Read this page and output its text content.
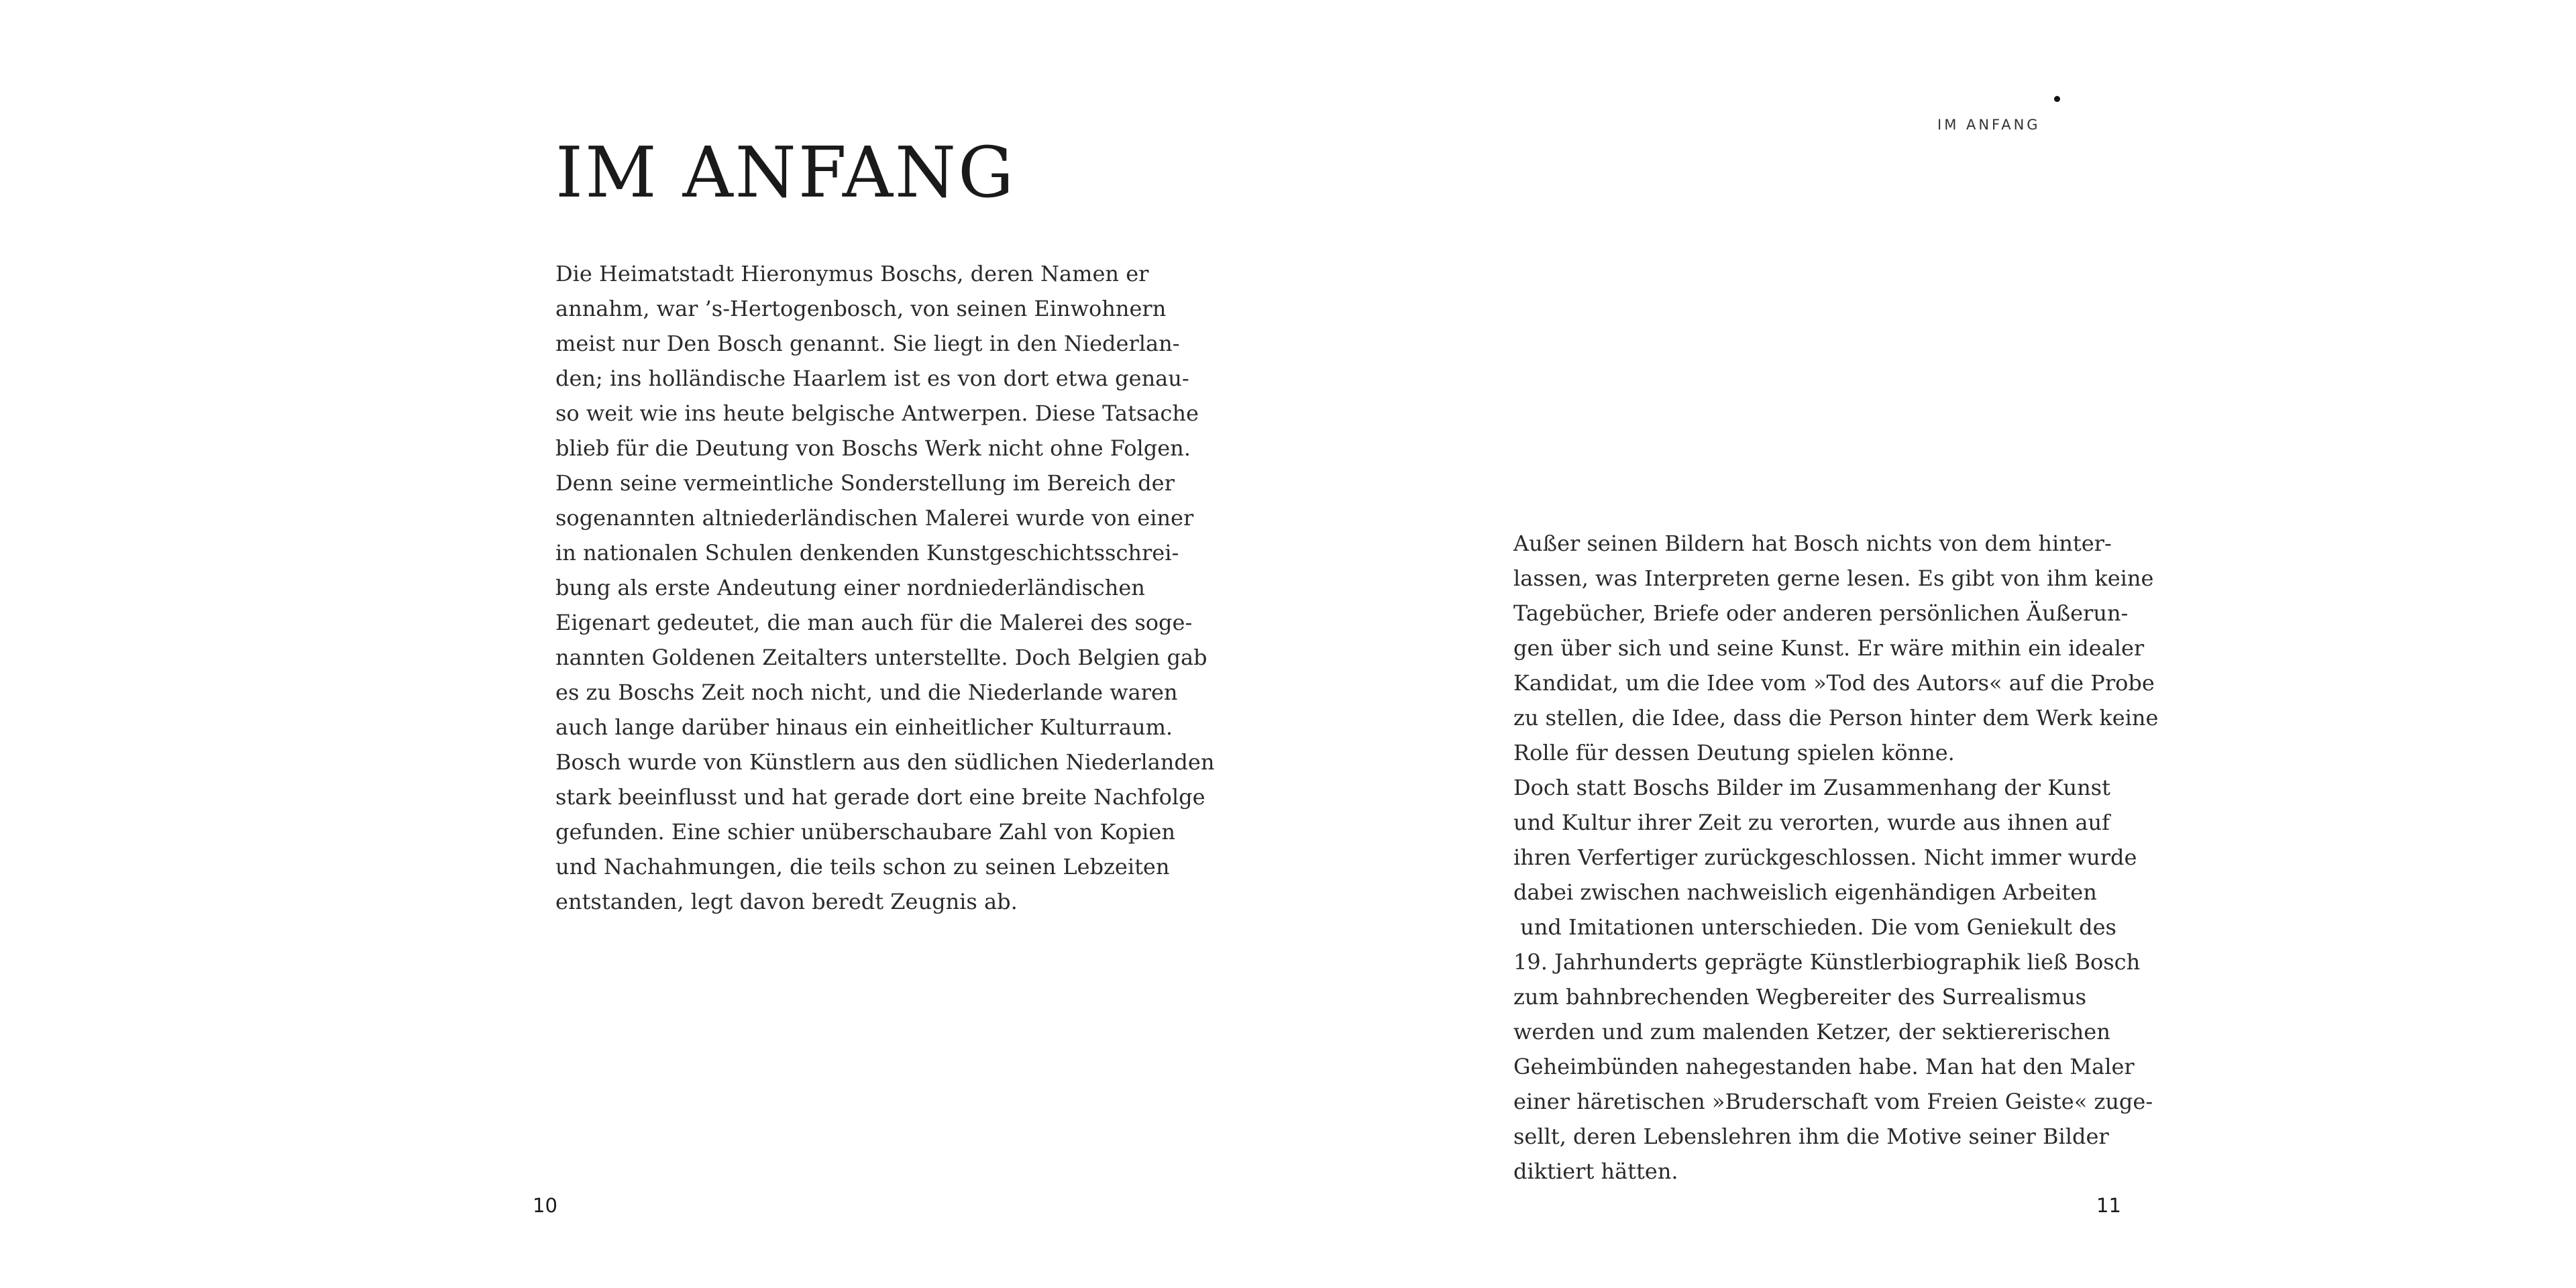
IM ANFANG
Die Heimatstadt Hieronymus Boschs, deren Namen er
annahm, war ’s-Hertogenbosch, von seinen Einwohnern
meist nur Den Bosch genannt. Sie liegt in den Niederlan-
den; ins holländische Haarlem ist es von dort etwa genau-
so weit wie ins heute belgische Antwerpen. Diese Tatsache
blieb für die Deutung von Boschs Werk nicht ohne Folgen.
Denn seine vermeintliche Sonderstellung im Bereich der
sogenannten altniederländischen Malerei wurde von einer
in nationalen Schulen denkenden Kunstgeschichtsschrei-
bung als erste Andeutung einer nordniederländischen
Eigenart gedeutet, die man auch für die Malerei des soge-
nannten Goldenen Zeitalters unterstellte. Doch Belgien gab
es zu Boschs Zeit noch nicht, und die Niederlande waren
auch lange darüber hinaus ein einheitlicher Kulturraum.
Bosch wurde von Künstlern aus den südlichen Niederlanden
stark beeinflusst und hat gerade dort eine breite Nachfolge
gefunden. Eine schier unüberschaubare Zahl von Kopien
und Nachahmungen, die teils schon zu seinen Lebzeiten
entstanden, legt davon beredt Zeugnis ab.
10
IM ANFANG
Außer seinen Bildern hat Bosch nichts von dem hinter-
lassen, was Interpreten gerne lesen. Es gibt von ihm keine
Tagebücher, Briefe oder anderen persönlichen Äußerun-
gen über sich und seine Kunst. Er wäre mithin ein idealer
Kandidat, um die Idee vom »Tod des Autors« auf die Probe
zu stellen, die Idee, dass die Person hinter dem Werk keine
Rolle für dessen Deutung spielen könne.
Doch statt Boschs Bilder im Zusammenhang der Kunst
und Kultur ihrer Zeit zu verorten, wurde aus ihnen auf
ihren Verfertiger zurückgeschlossen. Nicht immer wurde
dabei zwischen nachweislich eigenhändigen Arbeiten
und Imitationen unterschieden. Die vom Geniekult des
19. Jahrhunderts geprägte Künstlerbiographik ließ Bosch
zum bahnbrechenden Wegbereiter des Surrealismus
werden und zum malenden Ketzer, der sektiererischen
Geheimbünden nahegestanden habe. Man hat den Maler
einer häretischen »Bruderschaft vom Freien Geiste« zuge-
sellt, deren Lebenslehren ihm die Motive seiner Bilder
diktiert hätten.
11
